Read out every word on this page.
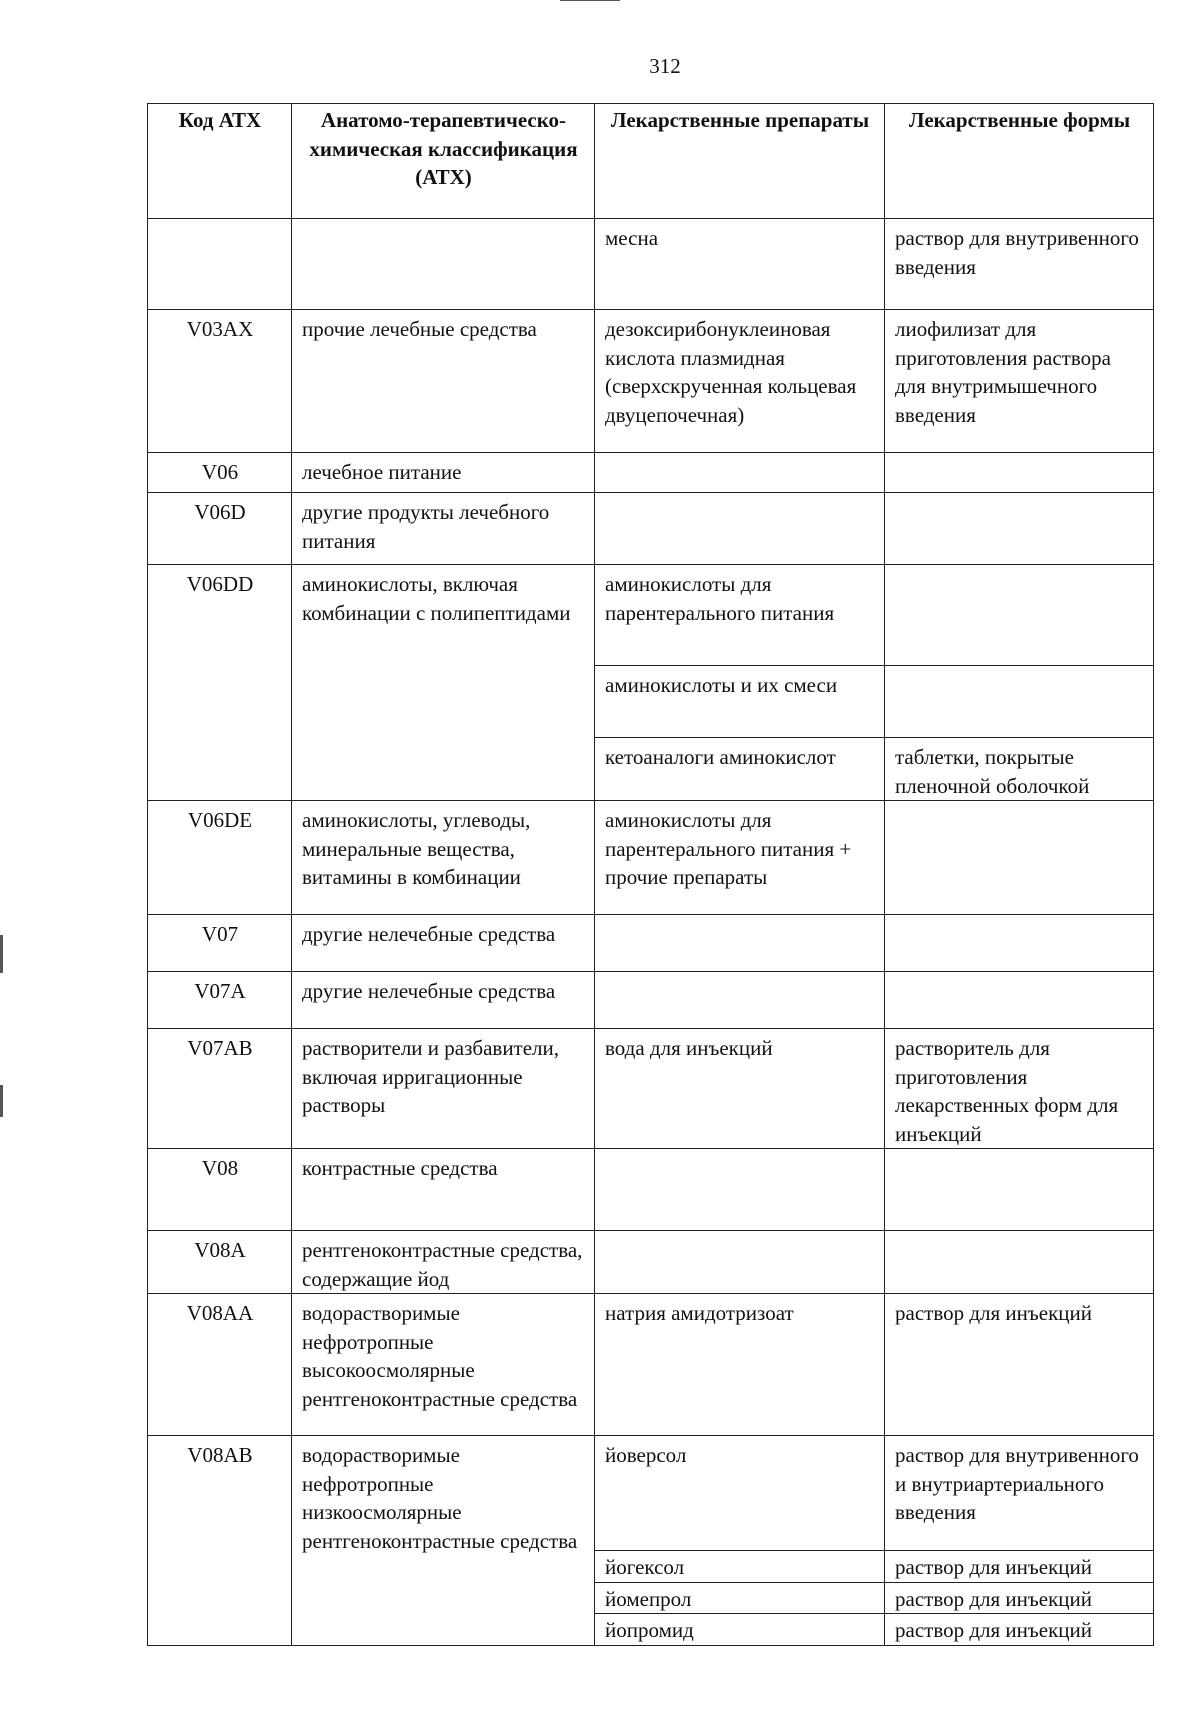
312
Код АТХ	Анатомо-терапевтическо-химическая классификация (АТХ)	Лекарственные препараты	Лекарственные формы
		месна	раствор для внутривенного введения
V03AX	прочие лечебные средства	дезоксирибонуклеиновая кислота плазмидная (сверхскрученная кольцевая двуцепочечная)	лиофилизат для приготовления раствора для внутримышечного введения
V06	лечебное питание		
V06D	другие продукты лечебного питания		
V06DD	аминокислоты, включая комбинации с полипептидами	аминокислоты для парентерального питания	
		аминокислоты и их смеси	
		кетоаналоги аминокислот	таблетки, покрытые пленочной оболочкой
V06DE	аминокислоты, углеводы, минеральные вещества, витамины в комбинации	аминокислоты для парентерального питания + прочие препараты	
V07	другие нелечебные средства		
V07A	другие нелечебные средства		
V07AB	растворители и разбавители, включая ирригационные растворы	вода для инъекций	растворитель для приготовления лекарственных форм для инъекций
V08	контрастные средства		
V08A	рентгеноконтрастные средства, содержащие йод		
V08AA	водорастворимые нефротропные высокоосмолярные рентгеноконтрастные средства	натрия амидотризоат	раствор для инъекций
V08AB	водорастворимые нефротропные низкоосмолярные рентгеноконтрастные средства	йоверсол	раствор для внутривенного и внутриартериального введения
		йогексол	раствор для инъекций
		йомепрол	раствор для инъекций
		йопромид	раствор для инъекций
